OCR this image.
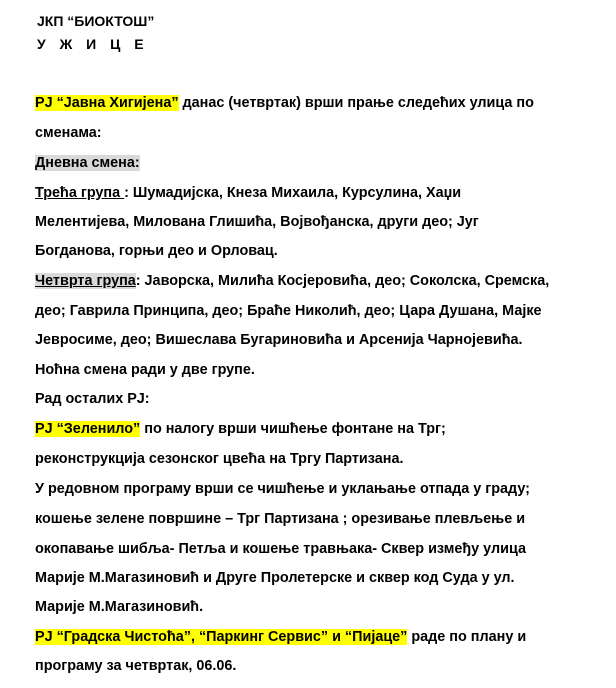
ЈКП “БИОКТОШ”
У Ж И Ц Е
PJ “Јавна Хигијена” данас (четвртак) врши прање следећих улица по
сменама:
Дневна смена:
Трећа група : Шумадијска, Кнеза Михаила, Курсулина, Хаџи
Мелентијева, Милована Глишића, Војвођанска, други део; Југ
Богданова, горњи део и Орловац.
Четврта група: Јаворска, Милића Косјеровића, део; Соколска, Сремска,
део; Гаврила Принципа, део; Браће Николић, део; Цара Душана, Мајке
Јевросиме, део; Вишеслава Бугариновића и Арсенија Чарнојевића.
Ноћна смена ради у две групе.
Рад осталих PJ:
PJ “Зеленило” по налогу врши чишћење фонтане на Трг;
реконструкција сезонског цвећа на Тргу Партизана.
У редовном програму врши се чишћење и уклањање отпада у граду;
кошење зелене површине – Трг Партизана ; орезивање плевљење и
окопавање шибља- Петља и кошење травњака- Сквер између улица
Марије М.Магазиновић и Друге Пролетерске и сквер код Суда у ул.
Марије М.Магазиновић.
PJ “Градска Чистоћа”, “Паркинг Сервис” и “Пијаце” раде по плану и
програму за четвртак, 06.06.
